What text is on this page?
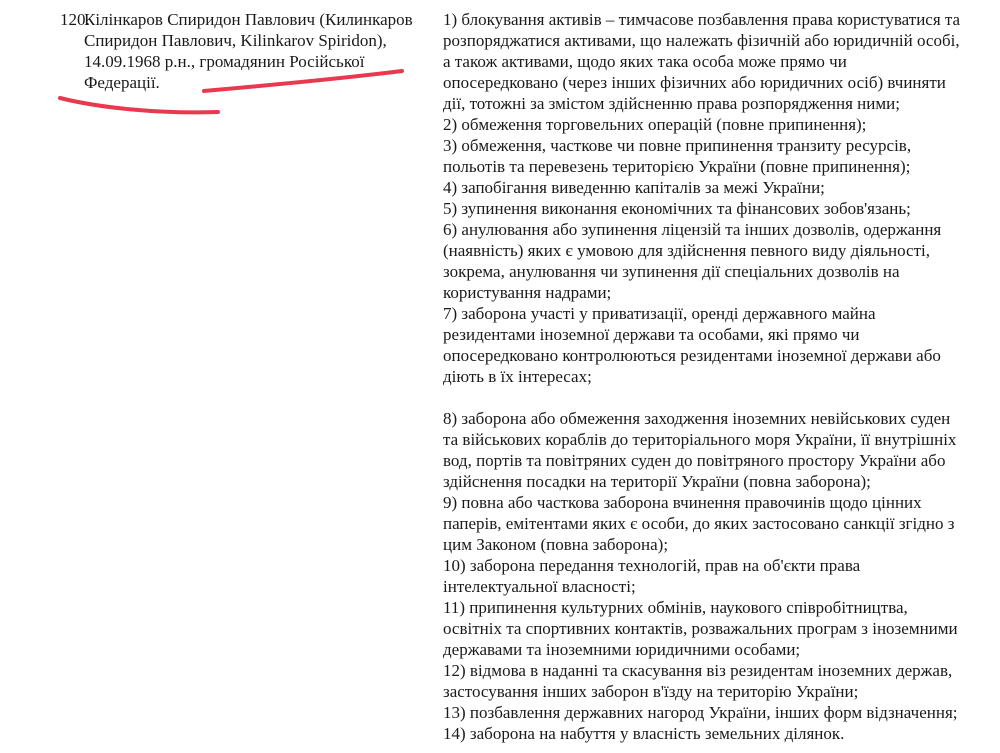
120.
Кілінкаров Спиридон Павлович (Килинкаров
Спиридон Павлович, Kilinkarov Spiridon),
14.09.1968 р.н., громадянин Російської
Федерації.

1) блокування активів – тимчасове позбавлення права користуватися та
розпоряджатися активами, що належать фізичній або юридичній особі,
а також активами, щодо яких така особа може прямо чи
опосередковано (через інших фізичних або юридичних осіб) вчиняти
дії, тотожні за змістом здійсненню права розпорядження ними;

2) обмеження торговельних операцій (повне припинення);

3) обмеження, часткове чи повне припинення транзиту ресурсів,
польотів та перевезень територією України (повне припинення);

4) запобігання виведенню капіталів за межі України;

5) зупинення виконання економічних та фінансових зобов'язань;

6) анулювання або зупинення ліцензій та інших дозволів, одержання
(наявність) яких є умовою для здійснення певного виду діяльності,
зокрема, анулювання чи зупинення дії спеціальних дозволів на
користування надрами;

7) заборона участі у приватизації, оренді державного майна
резидентами іноземної держави та особами, які прямо чи
опосередковано контролюються резидентами іноземної держави або
діють в їх інтересах;

8) заборона або обмеження заходження іноземних невійськових суден
та військових кораблів до територіального моря України, її внутрішніх
вод, портів та повітряних суден до повітряного простору України або
здійснення посадки на території України (повна заборона);

9) повна або часткова заборона вчинення правочинів щодо цінних
паперів, емітентами яких є особи, до яких застосовано санкції згідно з
цим Законом (повна заборона);

10) заборона передання технологій, прав на об'єкти права
інтелектуальної власності;

11) припинення культурних обмінів, наукового співробітництва,
освітніх та спортивних контактів, розважальних програм з іноземними
державами та іноземними юридичними особами;

12) відмова в наданні та скасування віз резидентам іноземних держав,
застосування інших заборон в'їзду на територію України;

13) позбавлення державних нагород України, інших форм відзначення;

14) заборона на набуття у власність земельних ділянок.
